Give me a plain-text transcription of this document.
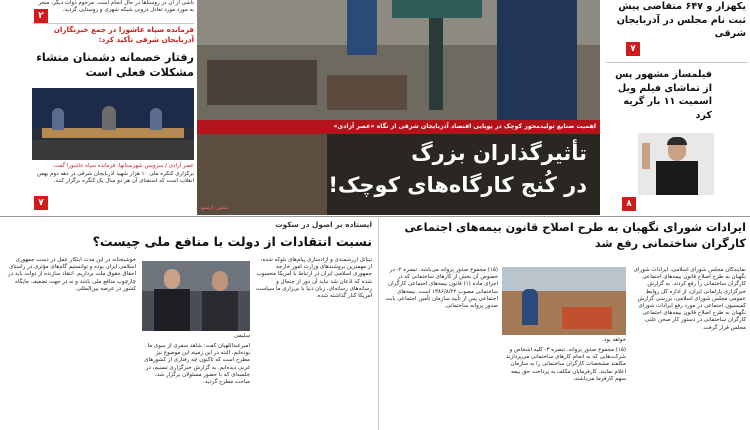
تاشی از آن در روستاها در حال انجام است. مرحوم ذوات دیگر، منجر به مورد مورد تعادل درونی شبکه شهری و روستایی گردید.
۲
فرمانده سپاه عاشورا در جمع خبرنگاران آذربایجان شرقی تأکید کرد:
رفتار خصمانه دشمنان منشاء مشکلات فعلی است
عصر آزادی / سرویس شهرستانها: فرمانده سپاه عاشورا گفت:
برگزاری کنگره ملی ۱۰ هزار شهید آذربایجان شرقی در دهه دوم بهمن انقلاب است که استفتای آن هر دو سال یک کنگره برگزار کنند.
۷
اهمیت صنایع تولید‌محور کوچک در پویایی اقتصاد آذربایجان شرقی از نگاه «عصر آزادی»
تأثیرگذاران بزرگ
در کُنج کارگاه‌های کوچک!
عکس: آرشیو
یکهزار و ۶۴۷ متقاضی پیش ثبت نام مجلس در آذربایجان شرقی
۷
فیلمساز مشهور پس از تماشای فیلم ویل اسمیت ۱۱ بار گریه کرد
۸
ایرادات شورای نگهبان به طرح اصلاح قانون بیمه‌های اجتماعی کارگران ساختمانی رفع شد
نمایندگان مجلس شورای اسلامی، ایرادات شورای نگهبان به طرح اصلاح قانون بیمه‌های اجتماعی کارگران ساختمانی را رفع کردند. به گزارش خبرگزاری پارلمانی ایران، از اداره کل روابط عمومی مجلس شورای اسلامی، بررسی گزارش کمیسیون اجتماعی در مورد رفع ایرادات شورای نگهبان به طرح اصلاح قانون بیمه‌های اجتماعی کارگران ساختمانی در دستور کار صحن علنی مجلس قرار گرفت.
خواهد بود.
(۱۵) مجموع صدور پروانه می‌باشد. تبصره ۲- در خصوص آن بخش از کارهای ساختمانی که در اجرای ماده (۱) قانون بیمه‌های اجتماعی کارگران ساختمانی مصوب ۱۳۸۶/۸/۲۲ است. بیمه‌های اجتماعی پس از تأیید سازمان تأمین اجتماعی بابت صدور پروانه ساختمانی.
(۱۵) مجموع صدور پروانه. تبصره ۳- کلیه اشخاص و شرکت‌هایی که به انجام کارهای ساختمانی می‌پردازند مکلفند مشخصات کارگران ساختمانی را به سازمان اعلام نمایند. کارفرمایان مکلف به پرداخت حق بیمه سهم کارفرما می‌باشند.
ایستاده بر اصول در سکوت
نسبت انتقادات از دولت با منافع ملی چیست؟
تیناتل ارزشمندی و آزادسازی پیام‌های بلوکه شده، از مهمترین بروشندهای وزارت امور خارجه جمهوری اسلامی ایران در ارتباط با آمریکا محسوب شده که اذعان شد نباید آن دور از جنجال و رسانه‌های رسانه‌ای، زبان دنیا با بی‌زاری ما سیاست آمریکا کنار گذاشته شده.
سلیمی
امیرعبداللهیان گفت: شاهد سفری از سوی ما بوده‌ایم. البته در این زمینه این موضوع نیز مطرح است که تاکنون چه رفتاری از کشورهای غربی دیده‌ایم. به گزارش خبرگزاری تسنیم، در جلسه‌ای که با حضور مسئولان برگزار شد، مباحث مطرح گردید.
خوشبختانه در این مدت ابتکار عمل در دست جمهوری اسلامی ایران بوده و توانستیم گام‌های مؤثری در راستای احقاق حقوق ملت برداریم. انتقاد سازنده از دولت باید در چارچوب منافع ملی باشد و نه در جهت تضعیف جایگاه کشور در عرصه بین‌المللی.
